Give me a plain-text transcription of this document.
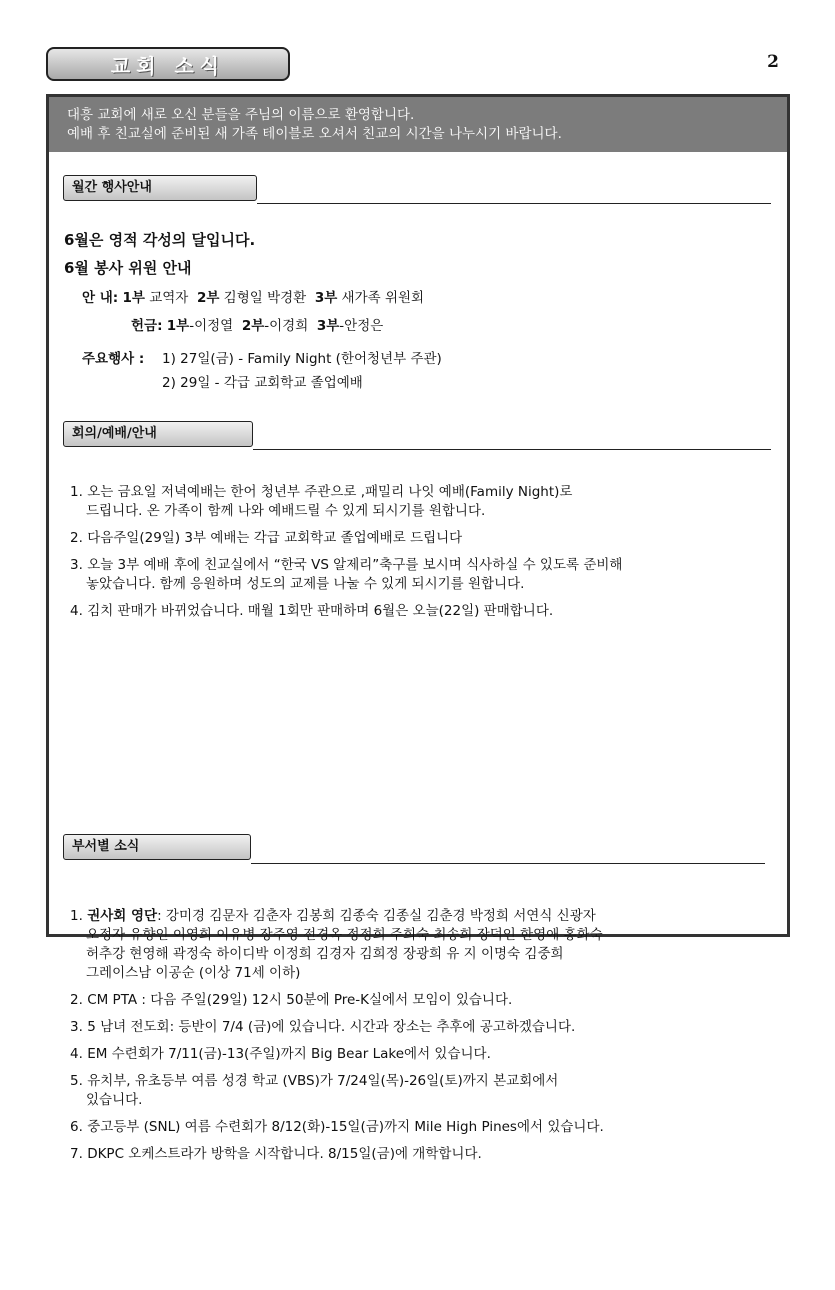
교회 소식	2
대흥 교회에 새로 오신 분들을 주님의 이름으로 환영합니다.
예배 후 친교실에 준비된 새 가족 테이블로 오셔서 친교의 시간을 나누시기 바랍니다.
월간 행사안내
6월은 영적 각성의 달입니다.
6월 봉사 위원 안내
안 내: 1부 교역자 2부 김형일 박경환 3부 새가족 위원회
헌금: 1부-이정열 2부-이경희 3부-안정은
주요행사 : 1) 27일(금) - Family Night (한어청년부 주관)
2) 29일 - 각급 교회학교 졸업예배
회의/예배/안내
1. 오는 금요일 저녁예배는 한어 청년부 주관으로 ,패밀리 나잇 예배(Family Night)로
드립니다. 온 가족이 함께 나와 예배드릴 수 있게 되시기를 원합니다.
2. 다음주일(29일) 3부 예배는 각급 교회학교 졸업예배로 드립니다
3. 오늘 3부 예배 후에 친교실에서 “한국 VS 알제리”축구를 보시며 식사하실 수 있도록 준비해
놓았습니다. 함께 응원하며 성도의 교제를 나눌 수 있게 되시기를 원합니다.
4. 김치 판매가 바뀌었습니다. 매월 1회만 판매하며 6월은 오늘(22일) 판매합니다.
부서별 소식
1. 권사회 영단: 강미경 김문자 김춘자 김봉희 김종숙 김종실 김춘경 박정희 서연식 신광자
오정자 유향인 이영희 이유병 장주영 전경옥 정정희 주희숙 최송희 장덕인 한영애 홍화숙
허추강 현영해 곽정숙 하이디박 이정희 김경자 김희정 장광희 유 지 이명숙 김중희
그레이스남 이공순 (이상 71세 이하)
2. CM PTA : 다음 주일(29일) 12시 50분에 Pre-K실에서 모임이 있습니다.
3. 5 남녀 전도회: 등반이 7/4 (금)에 있습니다. 시간과 장소는 추후에 공고하겠습니다.
4. EM 수련회가 7/11(금)-13(주일)까지 Big Bear Lake에서 있습니다.
5. 유치부, 유초등부 여름 성경 학교 (VBS)가 7/24일(목)-26일(토)까지 본교회에서
있습니다.
6. 중고등부 (SNL) 여름 수련회가 8/12(화)-15일(금)까지 Mile High Pines에서 있습니다.
7. DKPC 오케스트라가 방학을 시작합니다. 8/15일(금)에 개학합니다.
